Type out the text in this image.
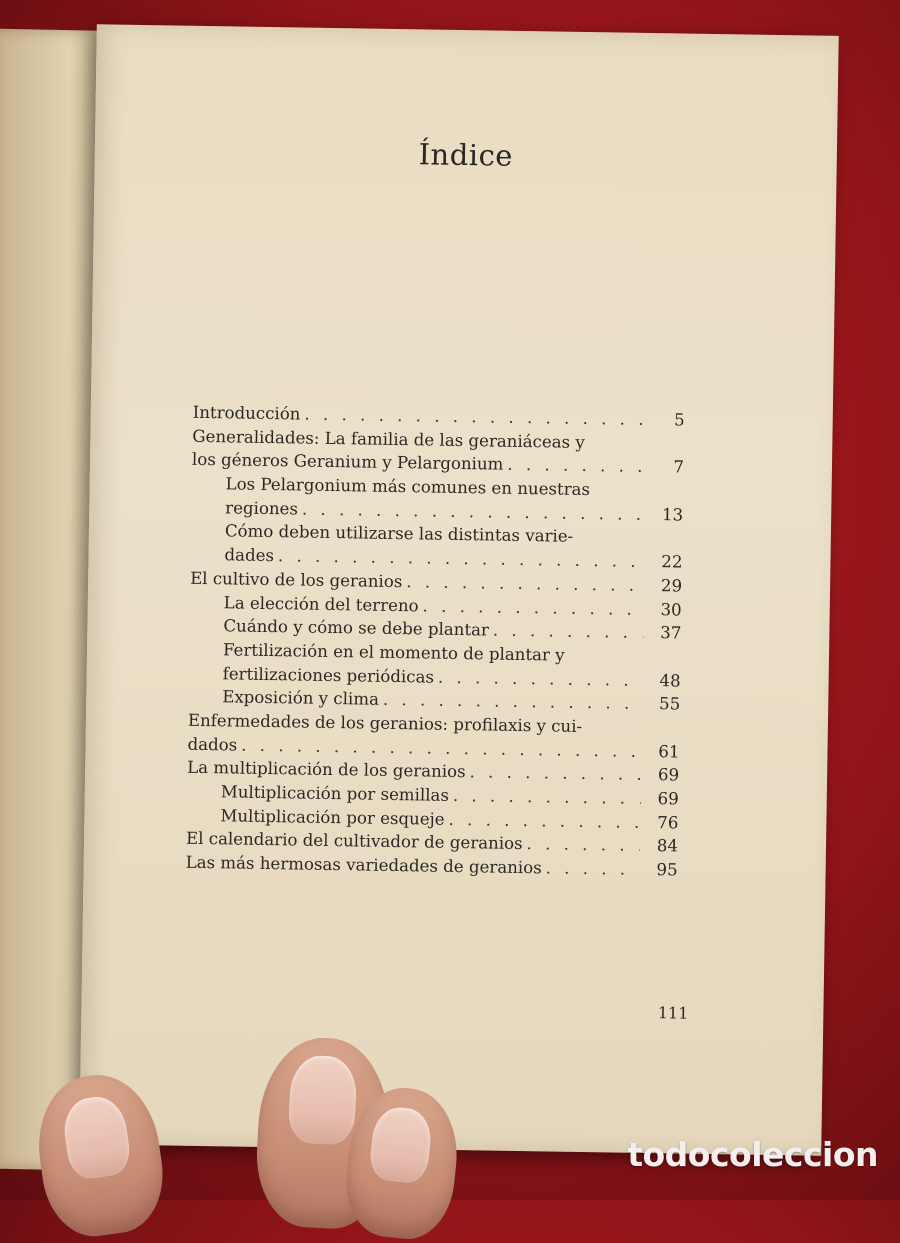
Índice
Introducción . . .	5
Generalidades: La familia de las geraniáceas y
los géneros Geranium y Pelargonium . . .	7
Los Pelargonium más comunes en nuestras
regiones . . .	13
Cómo deben utilizarse las distintas varie-
dades . . .	22
El cultivo de los geranios . . .	29
La elección del terreno . . .	30
Cuándo y cómo se debe plantar . . .	37
Fertilización en el momento de plantar y
fertilizaciones periódicas . . .	48
Exposición y clima . . .	55
Enfermedades de los geranios: profilaxis y cui-
dados . . .	61
La multiplicación de los geranios . . .	69
Multiplicación por semillas . . .	69
Multiplicación por esqueje . . .	76
El calendario del cultivador de geranios . . .	84
Las más hermosas variedades de geranios . . .	95
111
todocoleccion
